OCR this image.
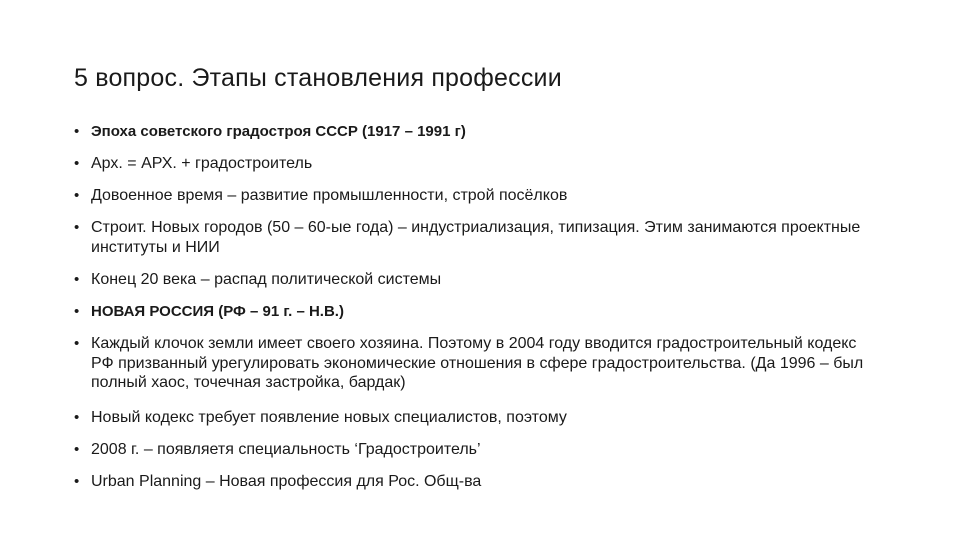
5 вопрос. Этапы становления профессии
• Эпоха советского градостроя СССР (1917 – 1991 г)
• Арх. = АРХ. + градостроитель
• Довоенное время – развитие промышленности, строй посёлков
• Строит. Новых городов (50 – 60-ые года) – индустриализация, типизация. Этим занимаются проектные институты и НИИ
• Конец 20 века – распад политической системы
• НОВАЯ РОССИЯ (РФ – 91 г. – Н.В.)
• Каждый клочок земли имеет своего хозяина. Поэтому в 2004 году вводится градостроительный кодекс РФ призванный урегулировать экономические отношения в сфере градостроительства. (Да 1996 – был полный хаос, точечная застройка, бардак)
• Новый кодекс требует появление новых специалистов, поэтому
• 2008 г. – появляетя специальность ‘Градостроитель’
• Urban Planning – Новая профессия для Рос. Общ-ва
